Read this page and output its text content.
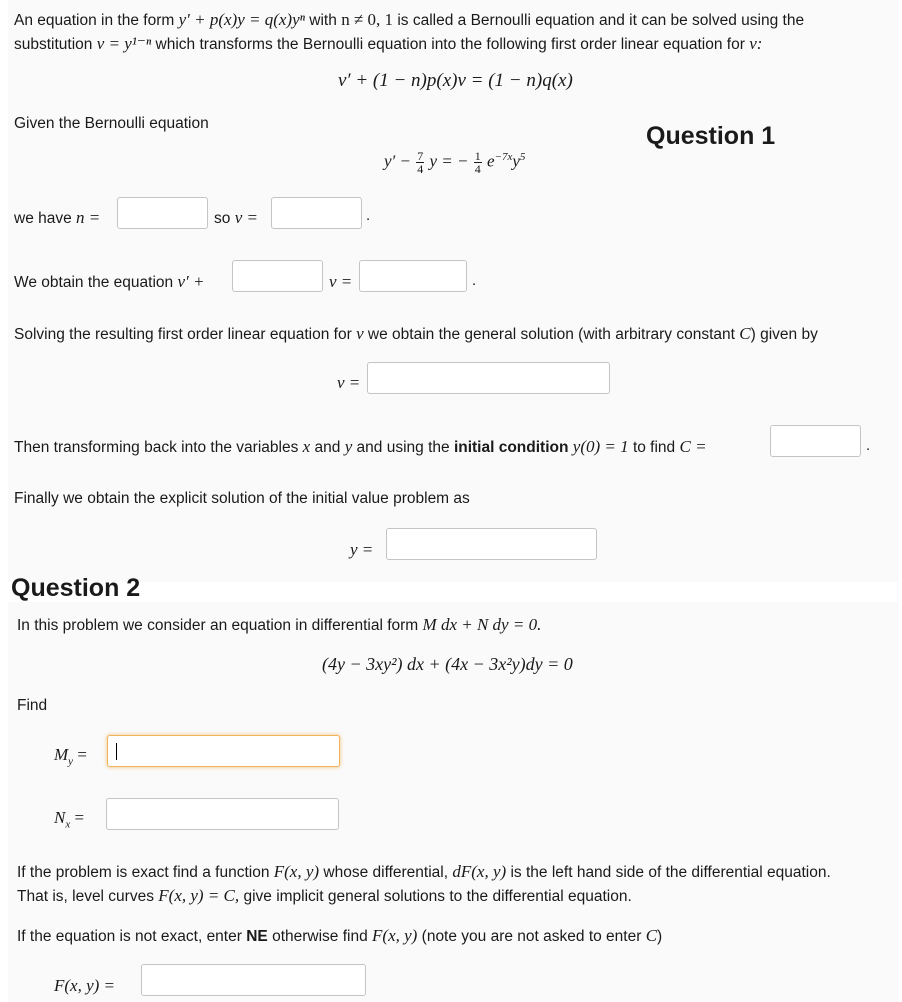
An equation in the form y′ + p(x)y = q(x)yⁿ with n ≠ 0, 1 is called a Bernoulli equation and it can be solved using the
substitution v = y¹⁻ⁿ which transforms the Bernoulli equation into the following first order linear equation for v:
v′ + (1 − n)p(x)v = (1 − n)q(x)
Given the Bernoulli equation	Question 1
$y' - \frac{7}{4}$ y = − $\frac{1}{4} e^{-7x}y^5$
we have n =	so v =	.
We obtain the equation v′ +	v =	.
Solving the resulting first order linear equation for v we obtain the general solution (with arbitrary constant C) given by
v =
Then transforming back into the variables x and y and using the initial condition y(0) = 1 to find C =	.
Finally we obtain the explicit solution of the initial value problem as
y =
Question 2
In this problem we consider an equation in differential form M dx + N dy = 0.
(4y − 3xy²) dx + (4x − 3x²y)dy = 0
Find
$M_y$ =
$N_x$ =
If the problem is exact find a function F(x, y) whose differential, dF(x, y) is the left hand side of the differential equation.
That is, level curves F(x, y) = C, give implicit general solutions to the differential equation.
If the equation is not exact, enter NE otherwise find F(x, y) (note you are not asked to enter C)
F(x, y) =
